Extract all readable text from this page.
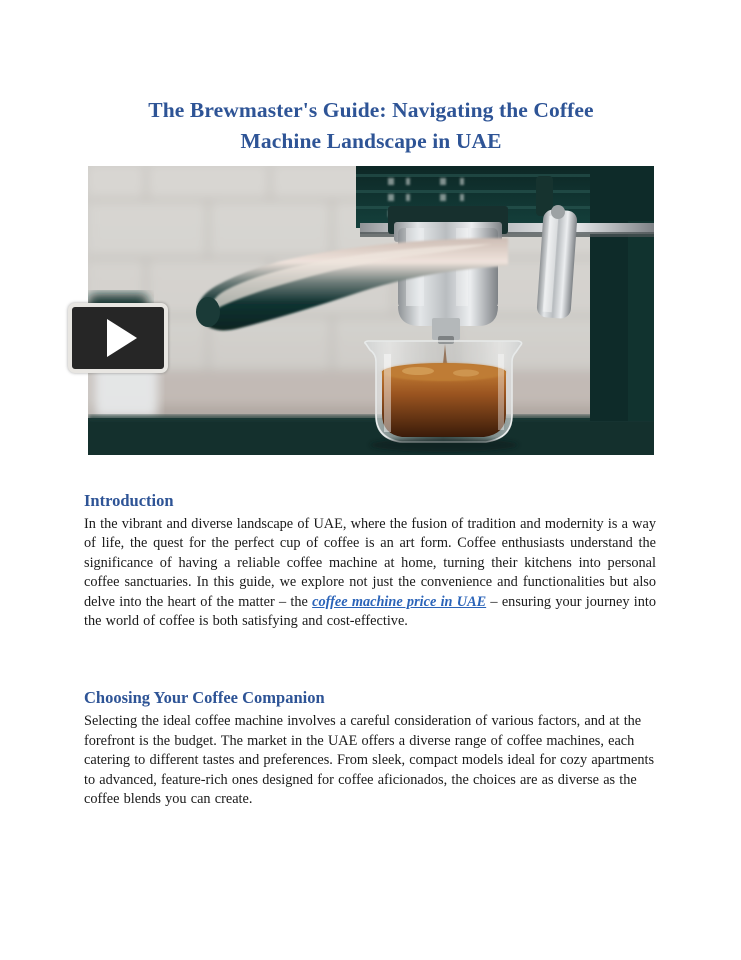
The Brewmaster's Guide: Navigating the Coffee
Machine Landscape in UAE
Introduction

In the vibrant and diverse landscape of UAE, where the fusion of tradition and modernity is a way of life, the quest for the perfect cup of coffee is an art form. Coffee enthusiasts understand the significance of having a reliable coffee machine at home, turning their kitchens into personal coffee sanctuaries. In this guide, we explore not just the convenience and functionalities but also delve into the heart of the matter – the coffee machine price in UAE – ensuring your journey into the world of coffee is both satisfying and cost-effective.

Choosing Your Coffee Companion

Selecting the ideal coffee machine involves a careful consideration of various factors, and at the forefront is the budget. The market in the UAE offers a diverse range of coffee machines, each catering to different tastes and preferences. From sleek, compact models ideal for cozy apartments to advanced, feature-rich ones designed for coffee aficionados, the choices are as diverse as the coffee blends you can create.
